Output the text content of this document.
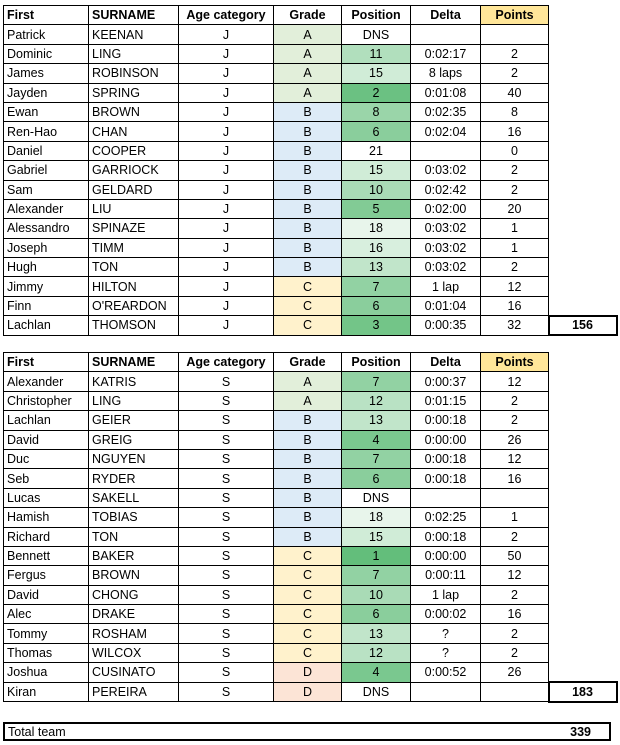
First	SURNAME	Age category	Grade	Position	Delta	Points	
Patrick	KEENAN	J	A	DNS			
Dominic	LING	J	A	11	0:02:17	2	
James	ROBINSON	J	A	15	8 laps	2	
Jayden	SPRING	J	A	2	0:01:08	40	
Ewan	BROWN	J	B	8	0:02:35	8	
Ren-Hao	CHAN	J	B	6	0:02:04	16	
Daniel	COOPER	J	B	21		0	
Gabriel	GARRIOCK	J	B	15	0:03:02	2	
Sam	GELDARD	J	B	10	0:02:42	2	
Alexander	LIU	J	B	5	0:02:00	20	
Alessandro	SPINAZE	J	B	18	0:03:02	1	
Joseph	TIMM	J	B	16	0:03:02	1	
Hugh	TON	J	B	13	0:03:02	2	
Jimmy	HILTON	J	C	7	1 lap	12	
Finn	O'REARDON	J	C	6	0:01:04	16	
Lachlan	THOMSON	J	C	3	0:00:35	32	156
First	SURNAME	Age category	Grade	Position	Delta	Points	
Alexander	KATRIS	S	A	7	0:00:37	12	
Christopher	LING	S	A	12	0:01:15	2	
Lachlan	GEIER	S	B	13	0:00:18	2	
David	GREIG	S	B	4	0:00:00	26	
Duc	NGUYEN	S	B	7	0:00:18	12	
Seb	RYDER	S	B	6	0:00:18	16	
Lucas	SAKELL	S	B	DNS			
Hamish	TOBIAS	S	B	18	0:02:25	1	
Richard	TON	S	B	15	0:00:18	2	
Bennett	BAKER	S	C	1	0:00:00	50	
Fergus	BROWN	S	C	7	0:00:11	12	
David	CHONG	S	C	10	1 lap	2	
Alec	DRAKE	S	C	6	0:00:02	16	
Tommy	ROSHAM	S	C	13	?	2	
Thomas	WILCOX	S	C	12	?	2	
Joshua	CUSINATO	S	D	4	0:00:52	26	
Kiran	PEREIRA	S	D	DNS			183
Total team	339
